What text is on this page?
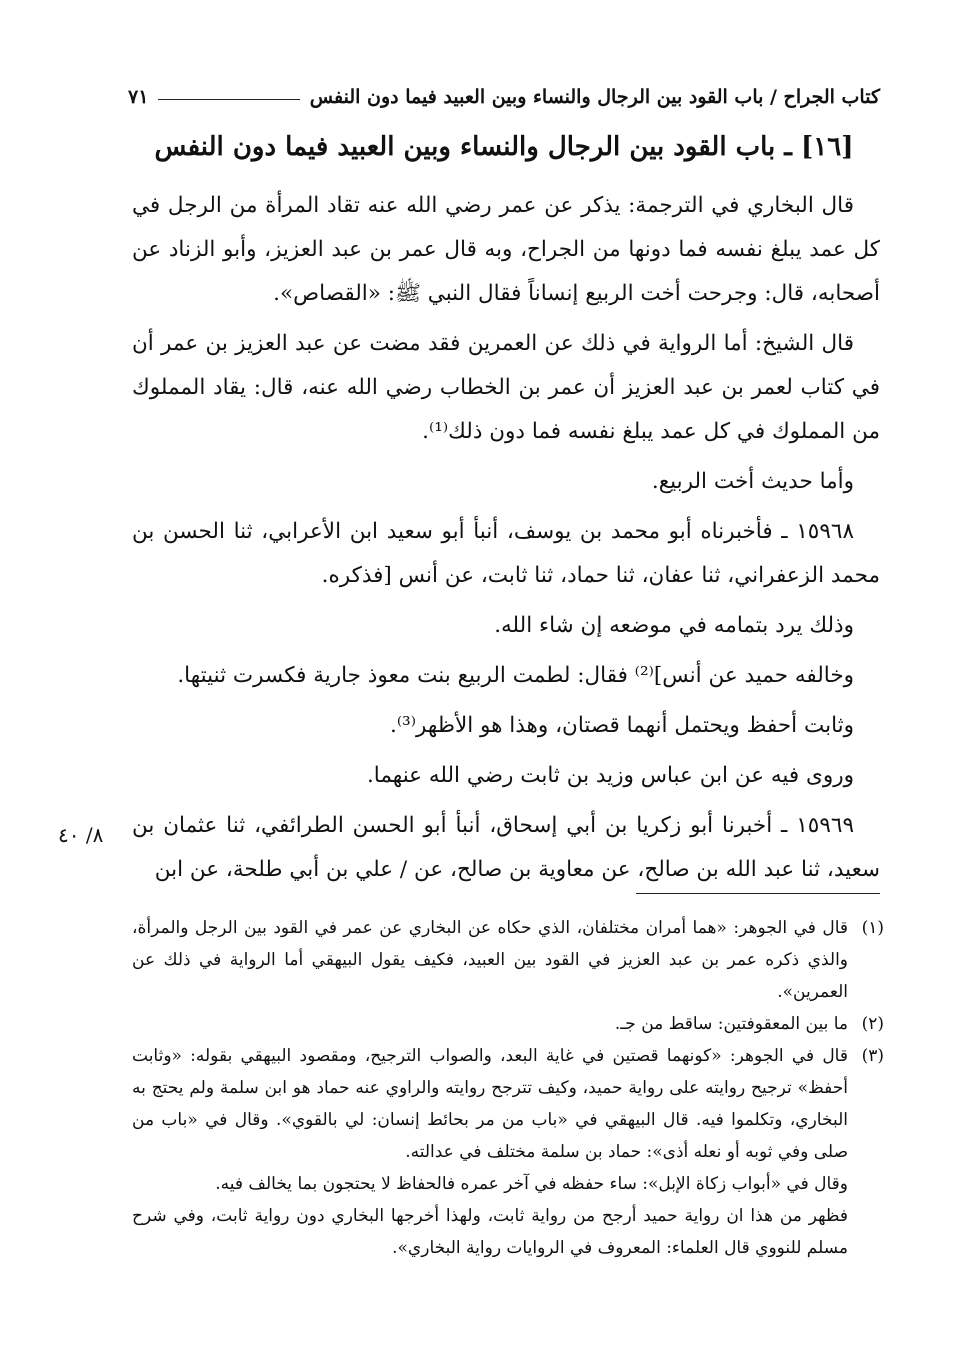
كتاب الجراح / باب القود بين الرجال والنساء وبين العبيد فيما دون النفس
٧١
[١٦] ـ باب القود بين الرجال والنساء وبين العبيد فيما دون النفس

قال البخاري في الترجمة: يذكر عن عمر رضي الله عنه تقاد المرأة من الرجل في كل عمد يبلغ نفسه فما دونها من الجراح، وبه قال عمر بن عبد العزيز، وأبو الزناد عن أصحابه، قال: وجرحت أخت الربيع إنساناً فقال النبي ﷺ: «القصاص».

قال الشيخ: أما الرواية في ذلك عن العمرين فقد مضت عن عبد العزيز بن عمر أن في كتاب لعمر بن عبد العزيز أن عمر بن الخطاب رضي الله عنه، قال: يقاد المملوك من المملوك في كل عمد يبلغ نفسه فما دون ذلك⁽¹⁾.

وأما حديث أخت الربيع.

١٥٩٦٨ ـ فأخبرناه أبو محمد بن يوسف، أنبأ أبو سعيد ابن الأعرابي، ثنا الحسن بن محمد الزعفراني، ثنا عفان، ثنا حماد، ثنا ثابت، عن أنس [فذكره.

وذلك يرد بتمامه في موضعه إن شاء الله.

وخالفه حميد عن أنس]⁽²⁾ فقال: لطمت الربيع بنت معوذ جارية فكسرت ثنيتها.

وثابت أحفظ ويحتمل أنهما قصتان، وهذا هو الأظهر⁽³⁾.

وروى فيه عن ابن عباس وزيد بن ثابت رضي الله عنهما.

١٥٩٦٩ ـ أخبرنا أبو زكريا بن أبي إسحاق، أنبأ أبو الحسن الطرائفي، ثنا عثمان بن سعيد، ثنا عبد الله بن صالح، عن معاوية بن صالح، عن / علي بن أبي طلحة، عن ابن

٨/ ٤٠

(١)
قال في الجوهر: «هما أمران مختلفان، الذي حكاه عن البخاري عن عمر في القود بين الرجل والمرأة، والذي ذكره عمر بن عبد العزيز في القود بين العبيد، فكيف يقول البيهقي أما الرواية في ذلك عن العمرين».

(٢)
ما بين المعقوفتين: ساقط من جـ.

(٣)
قال في الجوهر: «كونهما قصتين في غاية البعد، والصواب الترجيح، ومقصود البيهقي بقوله: «وثابت أحفظ» ترجيح روايته على رواية حميد، وكيف تترجح روايته والراوي عنه حماد هو ابن سلمة ولم يحتج به البخاري، وتكلموا فيه. قال البيهقي في «باب من مر بحائط إنسان: لي بالقوي». وقال في «باب من صلى وفي ثوبه أو نعله أذى»: حماد بن سلمة مختلف في عدالته.

وقال في «أبواب زكاة الإبل»: ساء حفظه في آخر عمره فالحفاظ لا يحتجون بما يخالف فيه.

فظهر من هذا ان رواية حميد أرجح من رواية ثابت، ولهذا أخرجها البخاري دون رواية ثابت، وفي شرح مسلم للنووي قال العلماء: المعروف في الروايات رواية البخاري».
